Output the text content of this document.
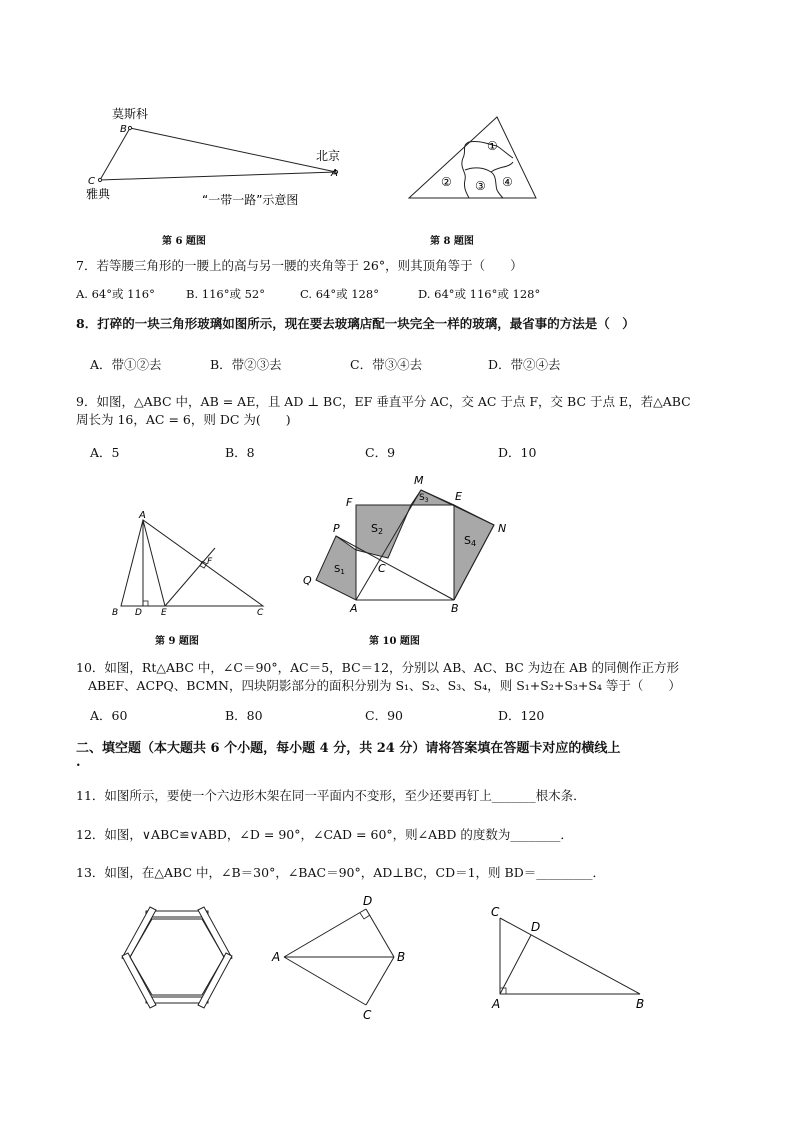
莫斯科
B
北京
A
C
雅典	“一带一路”示意图
第 6 题图
①
② ③ ④
第 8 题图
7．若等腰三角形的一腰上的高与另一腰的夹角等于 26°，则其顶角等于（　　）
A. 64°或 116°	B. 116°或 52°	C. 64°或 128°	D. 64°或 116°或 128°
8．打碎的一块三角形玻璃如图所示，现在要去玻璃店配一块完全一样的玻璃，最省事的方法是（　）
A．带①②去	B．带②③去	C．带③④去	D．带②④去
9．如图，△ABC 中，AB = AE，且 AD ⊥ BC，EF 垂直平分 AC，交 AC 于点 F，交 BC 于点 E，若△ABC
周长为 16，AC = 6，则 DC 为(　　)
A．5	B．8	C．9	D．10
A
F
B D E	C
第 9 题图
M
E
F
N
P
C
Q
A	B
$S_1$
S2
$S_3$
S4
第 10 题图
10．如图，Rt△ABC 中，∠C＝90°，AC＝5，BC＝12，分别以 AB、AC、BC 为边在 AB 的同侧作正方形
ABEF、ACPQ、BCMN，四块阴影部分的面积分别为 S₁、S₂、S₃、S₄，则 S₁+S₂+S₃+S₄ 等于（　　）
A．60	B．80	C．90	D．120
二、填空题（本大题共 6 个小题，每小题 4 分，共 24 分）请将答案填在答题卡对应的横线上
.
11．如图所示，要使一个六边形木架在同一平面内不变形，至少还要再钉上_______根木条．
12．如图，∨ABC≌∨ABD，∠D = 90°，∠CAD = 60°，则∠ABD 的度数为________．
13．如图，在△ABC 中，∠B＝30°，∠BAC＝90°，AD⊥BC，CD＝1，则 BD＝_________．
D
A	B
C
C
D
A	B
